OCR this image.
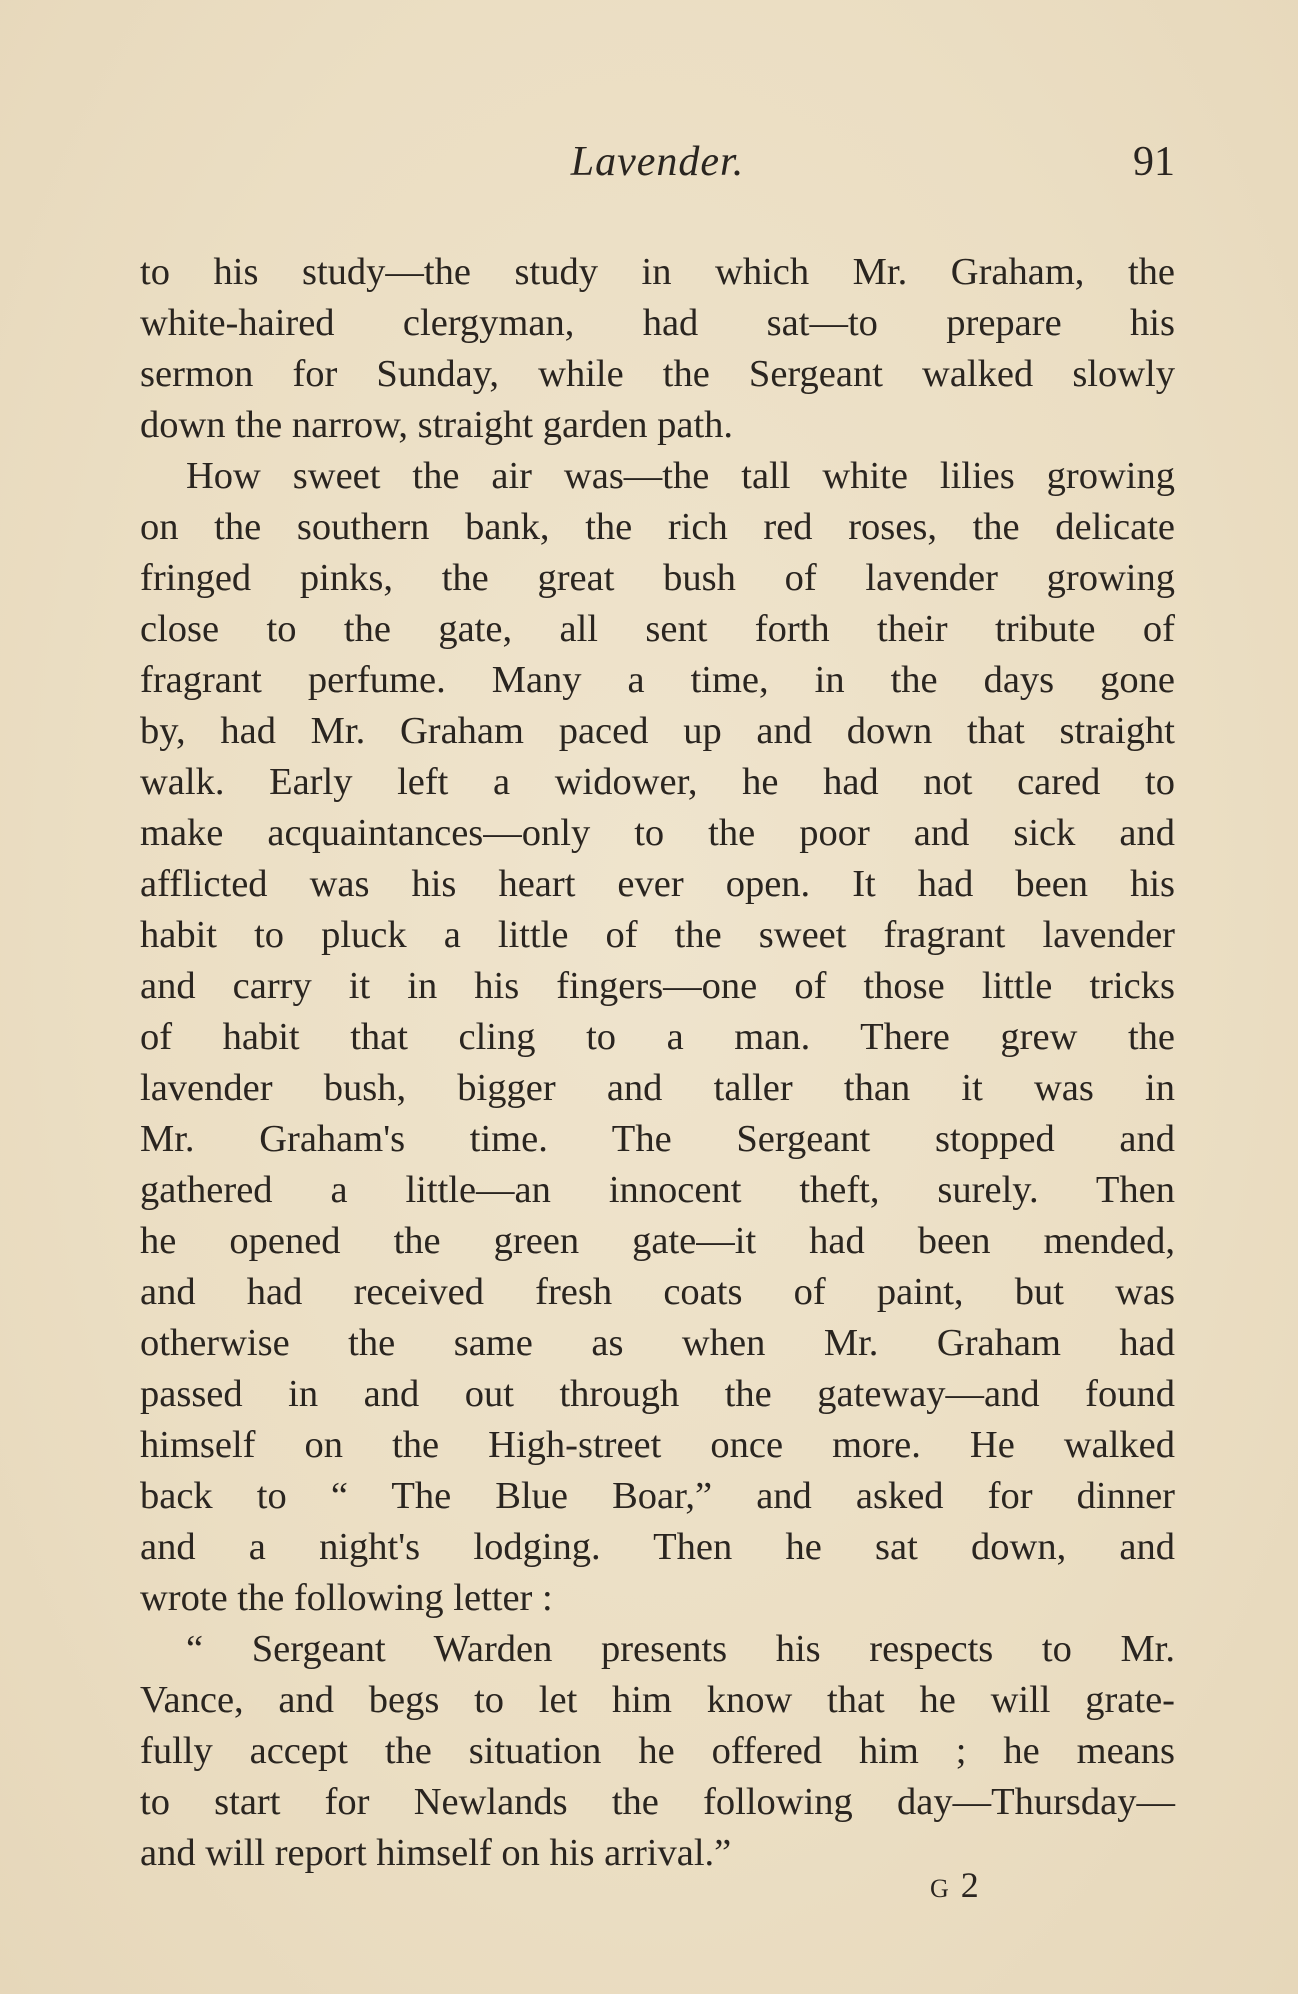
Lavender.	91
to his study—the study in which Mr. Graham, the
white-haired clergyman, had sat—to prepare his
sermon for Sunday, while the Sergeant walked slowly
down the narrow, straight garden path.
How sweet the air was—the tall white lilies growing
on the southern bank, the rich red roses, the delicate
fringed pinks, the great bush of lavender growing
close to the gate, all sent forth their tribute of
fragrant perfume. Many a time, in the days gone
by, had Mr. Graham paced up and down that straight
walk. Early left a widower, he had not cared to
make acquaintances—only to the poor and sick and
afflicted was his heart ever open. It had been his
habit to pluck a little of the sweet fragrant lavender
and carry it in his fingers—one of those little tricks
of habit that cling to a man. There grew the
lavender bush, bigger and taller than it was in
Mr. Graham's time. The Sergeant stopped and
gathered a little—an innocent theft, surely. Then
he opened the green gate—it had been mended,
and had received fresh coats of paint, but was
otherwise the same as when Mr. Graham had
passed in and out through the gateway—and found
himself on the High-street once more. He walked
back to “ The Blue Boar,” and asked for dinner
and a night's lodging. Then he sat down, and
wrote the following letter :
“ Sergeant Warden presents his respects to Mr.
Vance, and begs to let him know that he will grate-
fully accept the situation he offered him ; he means
to start for Newlands the following day—Thursday—
and will report himself on his arrival.”
G 2
